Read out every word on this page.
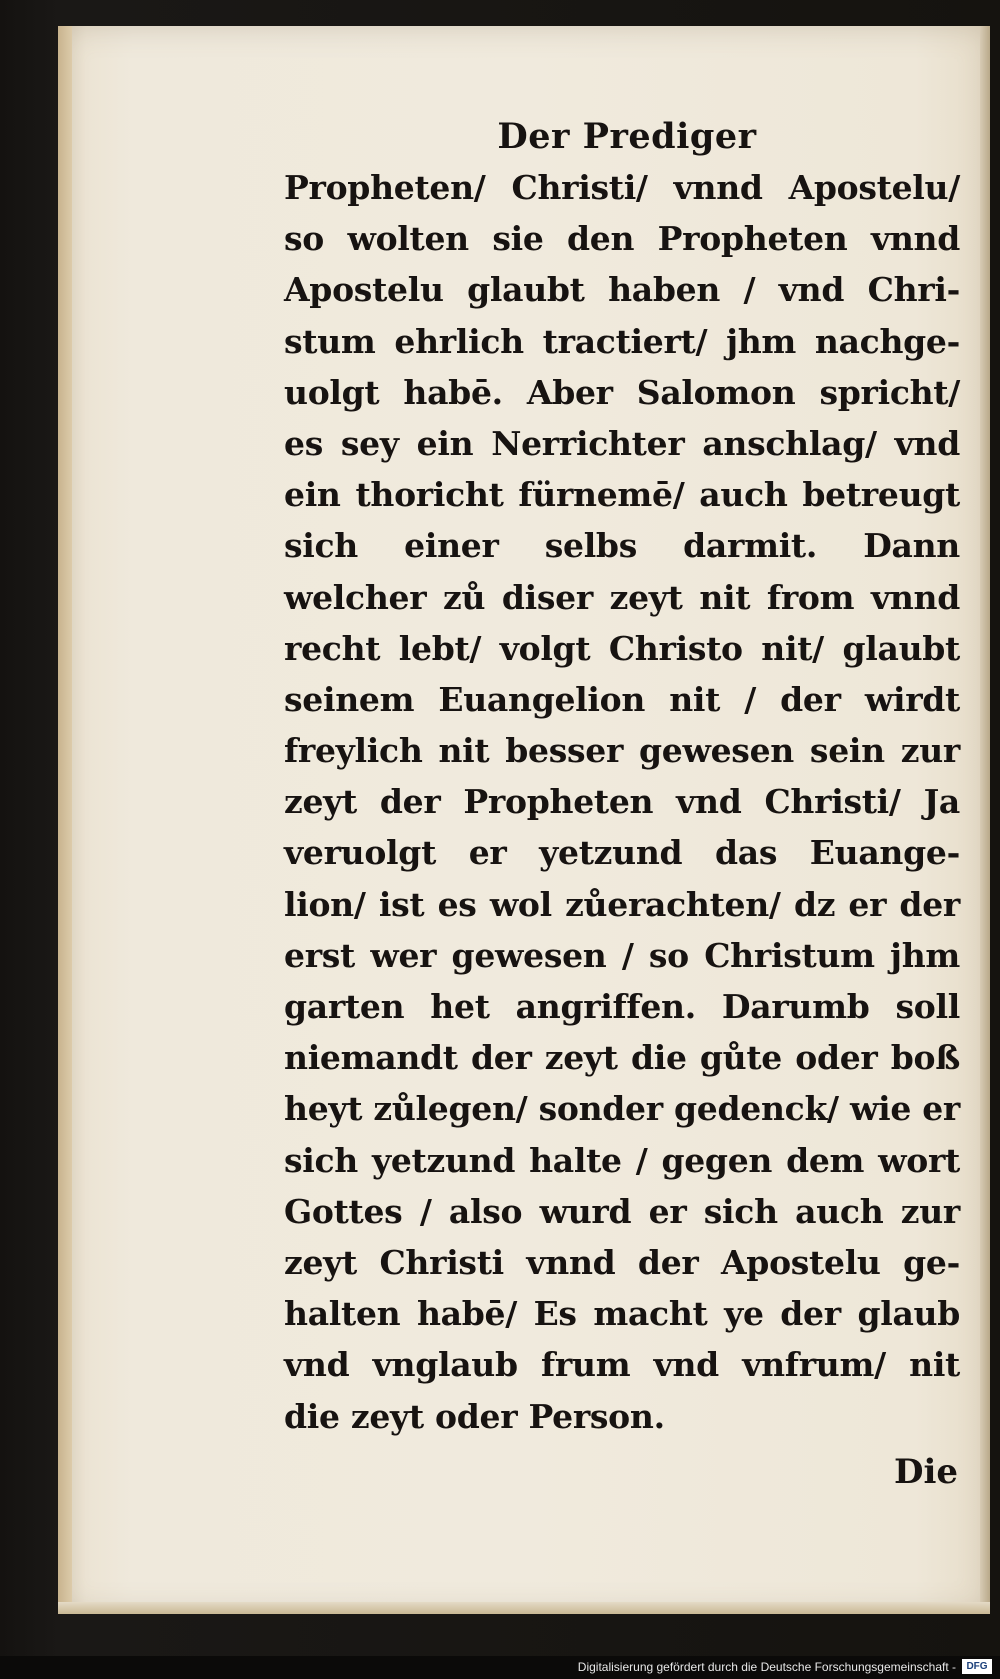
Der Prediger
Propheten/ Christi/ vnnd Apostelu/
so wolten sie den Propheten vnnd
Apostelu glaubt haben / vnd Chri-
stum ehrlich tractiert/ jhm nachge-
uolgt habē. Aber Salomon spricht/
es sey ein Nerrichter anschlag/ vnd
ein thoricht fürnemē/ auch betreugt
sich einer selbs darmit. Dann
welcher zů diser zeyt nit from vnnd
recht lebt/ volgt Christo nit/ glaubt
seinem Euangelion nit / der wirdt
freylich nit besser gewesen sein zur
zeyt der Propheten vnd Christi/ Ja
veruolgt er yetzund das Euange-
lion/ ist es wol zůerachten/ dz er der
erst wer gewesen / so Christum jhm
garten het angriffen. Darumb soll
niemandt der zeyt die gůte oder boß
heyt zůlegen/ sonder gedenck/ wie er
sich yetzund halte / gegen dem wort
Gottes / also wurd er sich auch zur
zeyt Christi vnnd der Apostelu ge-
halten habē/ Es macht ye der glaub
vnd vnglaub frum vnd vnfrum/ nit
die zeyt oder Person.
Die
Digitalisierung gefördert durch die Deutsche Forschungsgemeinschaft -	DFG
